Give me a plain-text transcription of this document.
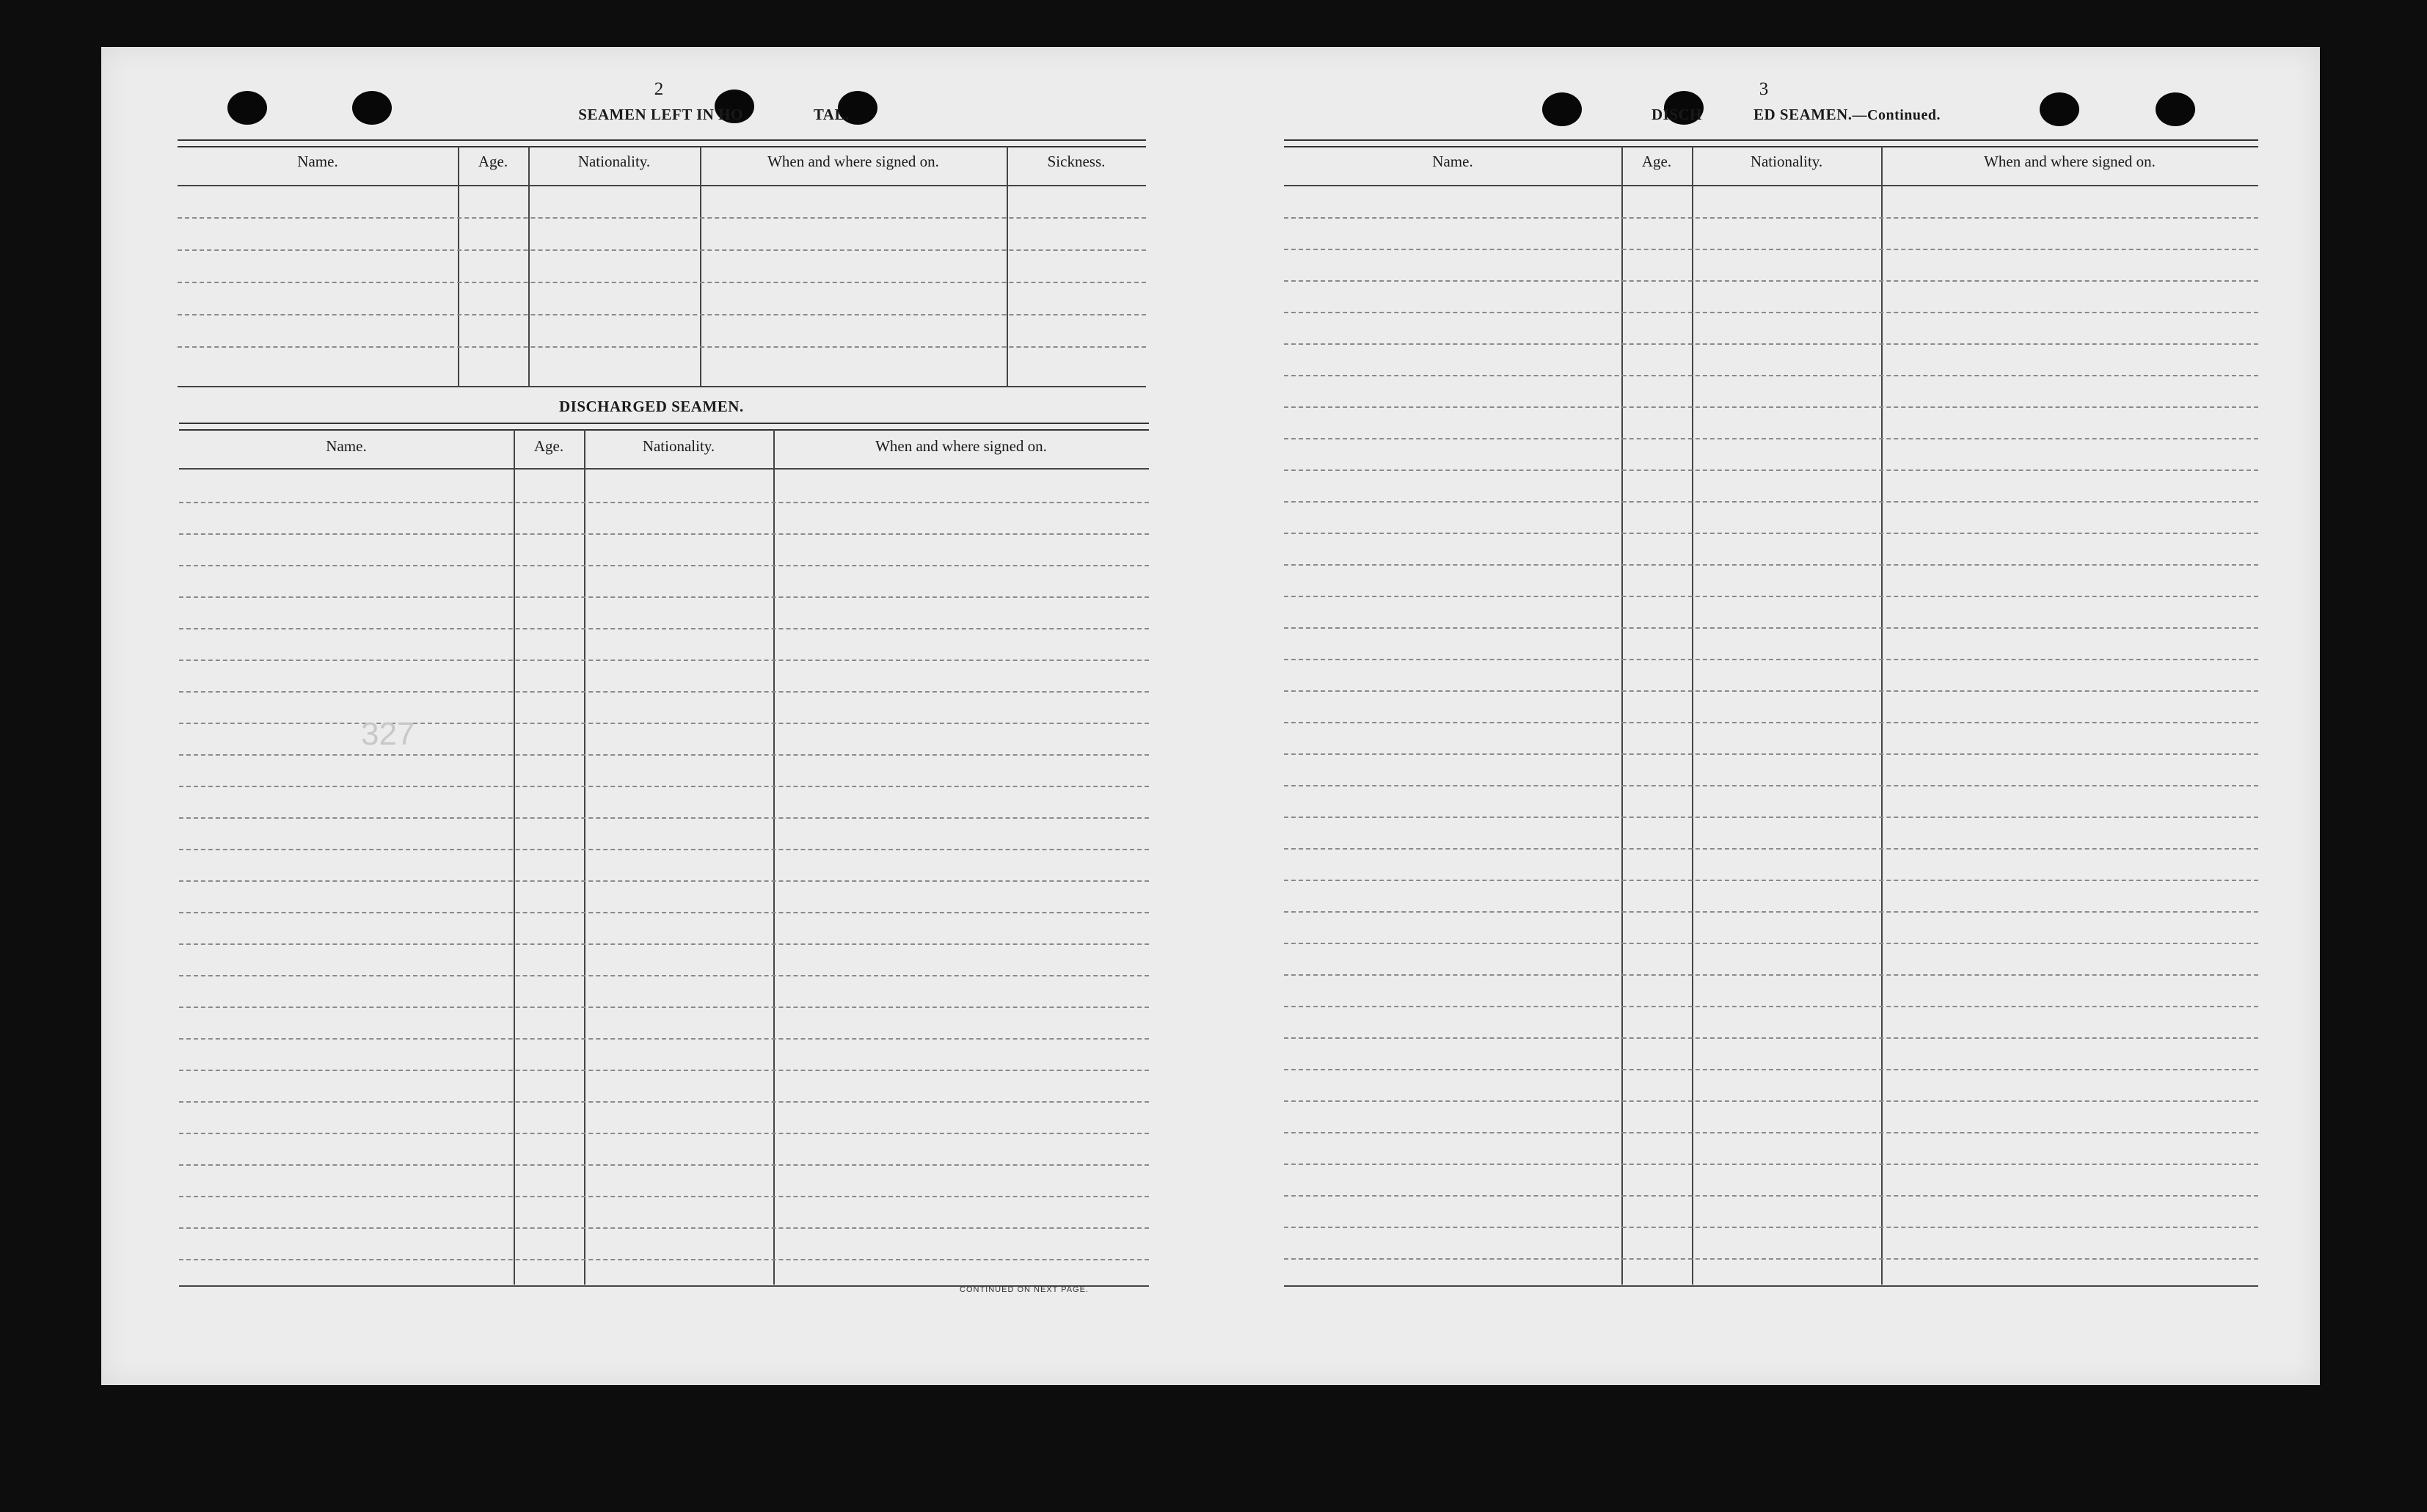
2
SEAMEN LEFT IN HO	TAL.
Name.	Age.	Nationality.	When and where signed on.	Sickness.
DISCHARGED SEAMEN.
Name.	Age.	Nationality.	When and where signed on.
327
CONTINUED ON NEXT PAGE.
3
DISCH	ED SEAMEN.—Continued.
Name.	Age.	Nationality.	When and where signed on.
